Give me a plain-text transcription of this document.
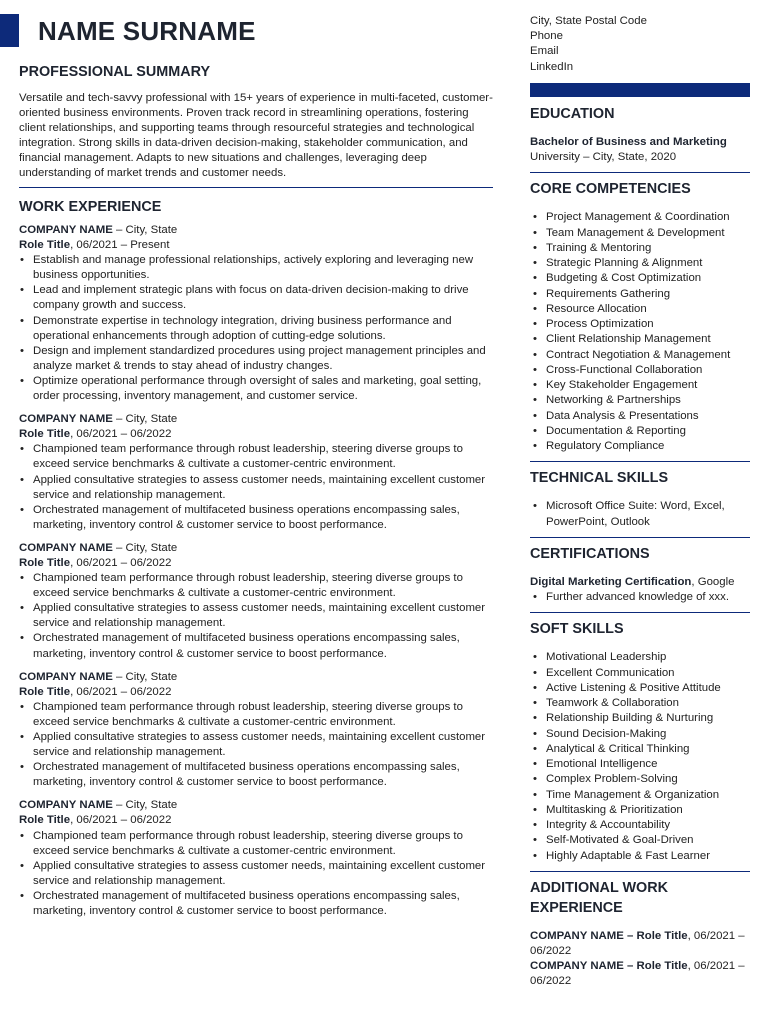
NAME SURNAME	City, State Postal Code
Phone
Email
LinkedIn
PROFESSIONAL SUMMARY
Versatile and tech-savvy professional with 15+ years of experience in multi-faceted, customer-oriented business environments. Proven track record in streamlining operations, fostering client relationships, and supporting teams through resourceful strategies and technological integration. Strong skills in data-driven decision-making, stakeholder communication, and financial management. Adapts to new situations and challenges, leveraging deep understanding of market trends and customer needs.
WORK EXPERIENCE
COMPANY NAME – City, State
Role Title, 06/2021 – Present
• Establish and manage professional relationships, actively exploring and leveraging new business opportunities.
• Lead and implement strategic plans with focus on data-driven decision-making to drive company growth and success.
• Demonstrate expertise in technology integration, driving business performance and operational enhancements through adoption of cutting-edge solutions.
• Design and implement standardized procedures using project management principles and analyze market & trends to stay ahead of industry changes.
• Optimize operational performance through oversight of sales and marketing, goal setting, order processing, inventory management, and customer service.
COMPANY NAME – City, State
Role Title, 06/2021 – 06/2022
• Championed team performance through robust leadership, steering diverse groups to exceed service benchmarks & cultivate a customer-centric environment.
• Applied consultative strategies to assess customer needs, maintaining excellent customer service and relationship management.
• Orchestrated management of multifaceted business operations encompassing sales, marketing, inventory control & customer service to boost performance.
COMPANY NAME – City, State
Role Title, 06/2021 – 06/2022
• Championed team performance through robust leadership, steering diverse groups to exceed service benchmarks & cultivate a customer-centric environment.
• Applied consultative strategies to assess customer needs, maintaining excellent customer service and relationship management.
• Orchestrated management of multifaceted business operations encompassing sales, marketing, inventory control & customer service to boost performance.
COMPANY NAME – City, State
Role Title, 06/2021 – 06/2022
• Championed team performance through robust leadership, steering diverse groups to exceed service benchmarks & cultivate a customer-centric environment.
• Applied consultative strategies to assess customer needs, maintaining excellent customer service and relationship management.
• Orchestrated management of multifaceted business operations encompassing sales, marketing, inventory control & customer service to boost performance.
COMPANY NAME – City, State
Role Title, 06/2021 – 06/2022
• Championed team performance through robust leadership, steering diverse groups to exceed service benchmarks & cultivate a customer-centric environment.
• Applied consultative strategies to assess customer needs, maintaining excellent customer service and relationship management.
• Orchestrated management of multifaceted business operations encompassing sales, marketing, inventory control & customer service to boost performance.
EDUCATION
Bachelor of Business and Marketing
University – City, State, 2020
CORE COMPETENCIES
• Project Management & Coordination
• Team Management & Development
• Training & Mentoring
• Strategic Planning & Alignment
• Budgeting & Cost Optimization
• Requirements Gathering
• Resource Allocation
• Process Optimization
• Client Relationship Management
• Contract Negotiation & Management
• Cross-Functional Collaboration
• Key Stakeholder Engagement
• Networking & Partnerships
• Data Analysis & Presentations
• Documentation & Reporting
• Regulatory Compliance
TECHNICAL SKILLS
• Microsoft Office Suite: Word, Excel, PowerPoint, Outlook
CERTIFICATIONS
Digital Marketing Certification, Google
• Further advanced knowledge of xxx.
SOFT SKILLS
• Motivational Leadership
• Excellent Communication
• Active Listening & Positive Attitude
• Teamwork & Collaboration
• Relationship Building & Nurturing
• Sound Decision-Making
• Analytical & Critical Thinking
• Emotional Intelligence
• Complex Problem-Solving
• Time Management & Organization
• Multitasking & Prioritization
• Integrity & Accountability
• Self-Motivated & Goal-Driven
• Highly Adaptable & Fast Learner
ADDITIONAL WORK EXPERIENCE
COMPANY NAME – Role Title, 06/2021 – 06/2022
COMPANY NAME – Role Title, 06/2021 – 06/2022
